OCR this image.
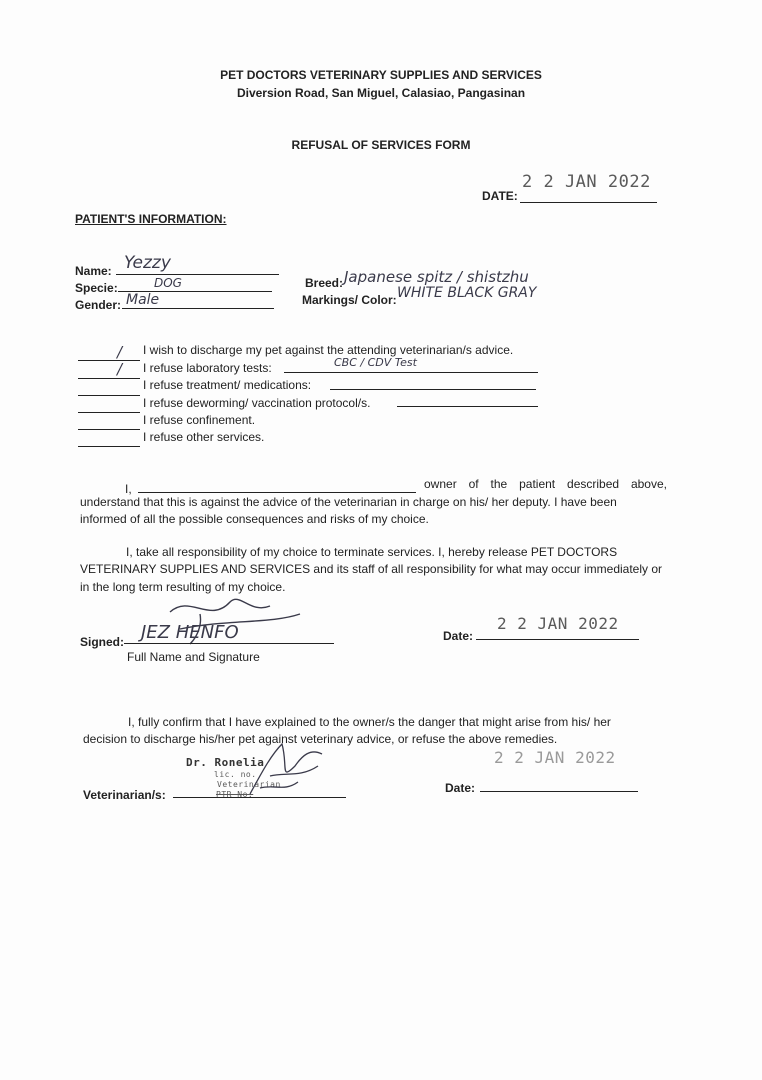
PET DOCTORS VETERINARY SUPPLIES AND SERVICES
Diversion Road, San Miguel, Calasiao, Pangasinan
REFUSAL OF SERVICES FORM
DATE:
2 2 JAN 2022
PATIENT'S INFORMATION:
Name: Yezzy
Specie:	DOG
Gender: Male
Breed: Japanese spitz / shistzhu
Markings/ Color: WHITE BLACK GRAY
/ I wish to discharge my pet against the attending veterinarian/s advice.
/ I refuse laboratory tests:	CBC / CDV Test
I refuse treatment/ medications:
I refuse deworming/ vaccination protocol/s.
I refuse confinement.
I refuse other services.
I,	owner of the patient described above,
understand that this is against the advice of the veterinarian in charge on his/ her deputy. I have been
informed of all the possible consequences and risks of my choice.
I, take all responsibility of my choice to terminate services. I, hereby release PET DOCTORS
VETERINARY SUPPLIES AND SERVICES and its staff of all responsibility for what may occur immediately or
in the long term resulting of my choice.
Signed: JEZ HENFO
Full Name and Signature
Date:
2 2 JAN 2022
I, fully confirm that I have explained to the owner/s the danger that might arise from his/ her
decision to discharge his/her pet against veterinary advice, or refuse the above remedies.
Veterinarian/s:
Dr. Ronelia
lic. no.
Veterinarian
PTR No.	Date:
2 2 JAN 2022
